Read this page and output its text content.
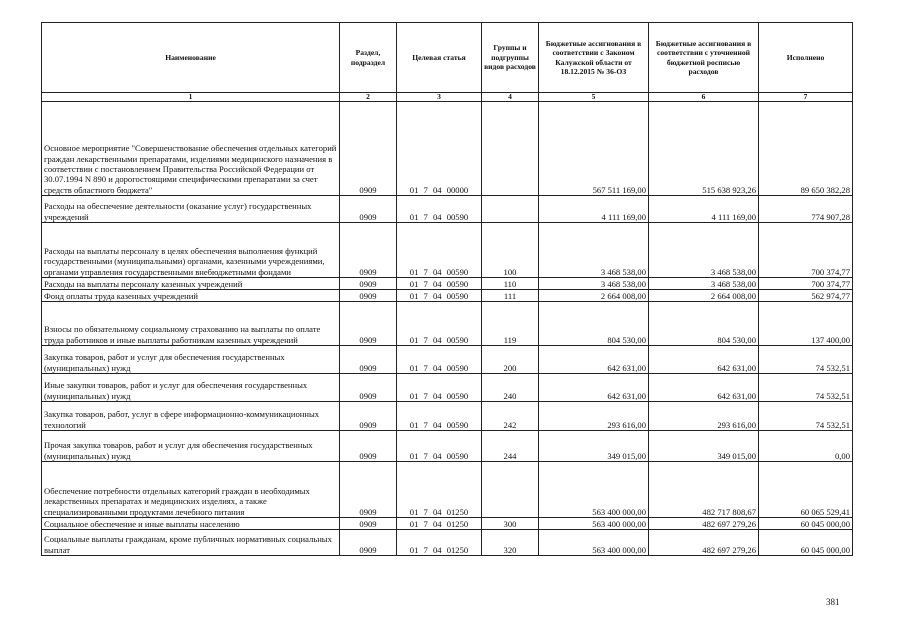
Наименование	Раздел, подраздел	Целевая статья	Группы и подгруппы видов расходов	Бюджетные ассигнования в соответствии с Законом Калужской области от 18.12.2015 № 36-ОЗ	Бюджетные ассигнования в соответствии с уточненной бюджетной росписью расходов	Исполнено
1	2	3	4	5	6	7
Основное мероприятие "Совершенствование обеспечения отдельных категорий граждан лекарственными препаратами, изделиями медицинского назначения в соответствии с постановлением Правительства Российской Федерации от 30.07.1994 N 890 и дорогостоящими специфическими препаратами за счет средств областного бюджета"	0909	01 7 04 00000		567 511 169,00	515 638 923,26	89 650 382,28
Расходы на обеспечение деятельности (оказание услуг) государственных учреждений	0909	01 7 04 00590		4 111 169,00	4 111 169,00	774 907,28
Расходы на выплаты персоналу в целях обеспечения выполнения функций государственными (муниципальными) органами, казенными учреждениями, органами управления государственными внебюджетными фондами	0909	01 7 04 00590	100	3 468 538,00	3 468 538,00	700 374,77
Расходы на выплаты персоналу казенных учреждений	0909	01 7 04 00590	110	3 468 538,00	3 468 538,00	700 374,77
Фонд оплаты труда казенных учреждений	0909	01 7 04 00590	111	2 664 008,00	2 664 008,00	562 974,77
Взносы по обязательному социальному страхованию на выплаты по оплате труда работников и иные выплаты работникам казенных учреждений	0909	01 7 04 00590	119	804 530,00	804 530,00	137 400,00
Закупка товаров, работ и услуг для обеспечения государственных (муниципальных) нужд	0909	01 7 04 00590	200	642 631,00	642 631,00	74 532,51
Иные закупки товаров, работ и услуг для обеспечения государственных (муниципальных) нужд	0909	01 7 04 00590	240	642 631,00	642 631,00	74 532,51
Закупка товаров, работ, услуг в сфере информационно-коммуникационных технологий	0909	01 7 04 00590	242	293 616,00	293 616,00	74 532,51
Прочая закупка товаров, работ и услуг для обеспечения государственных (муниципальных) нужд	0909	01 7 04 00590	244	349 015,00	349 015,00	0,00
Обеспечение потребности отдельных категорий граждан в необходимых лекарственных препаратах и медицинских изделиях, а также специализированными продуктами лечебного питания	0909	01 7 04 01250		563 400 000,00	482 717 808,67	60 065 529,41
Социальное обеспечение и иные выплаты населению	0909	01 7 04 01250	300	563 400 000,00	482 697 279,26	60 045 000,00
Социальные выплаты гражданам, кроме публичных нормативных социальных выплат	0909	01 7 04 01250	320	563 400 000,00	482 697 279,26	60 045 000,00
381
